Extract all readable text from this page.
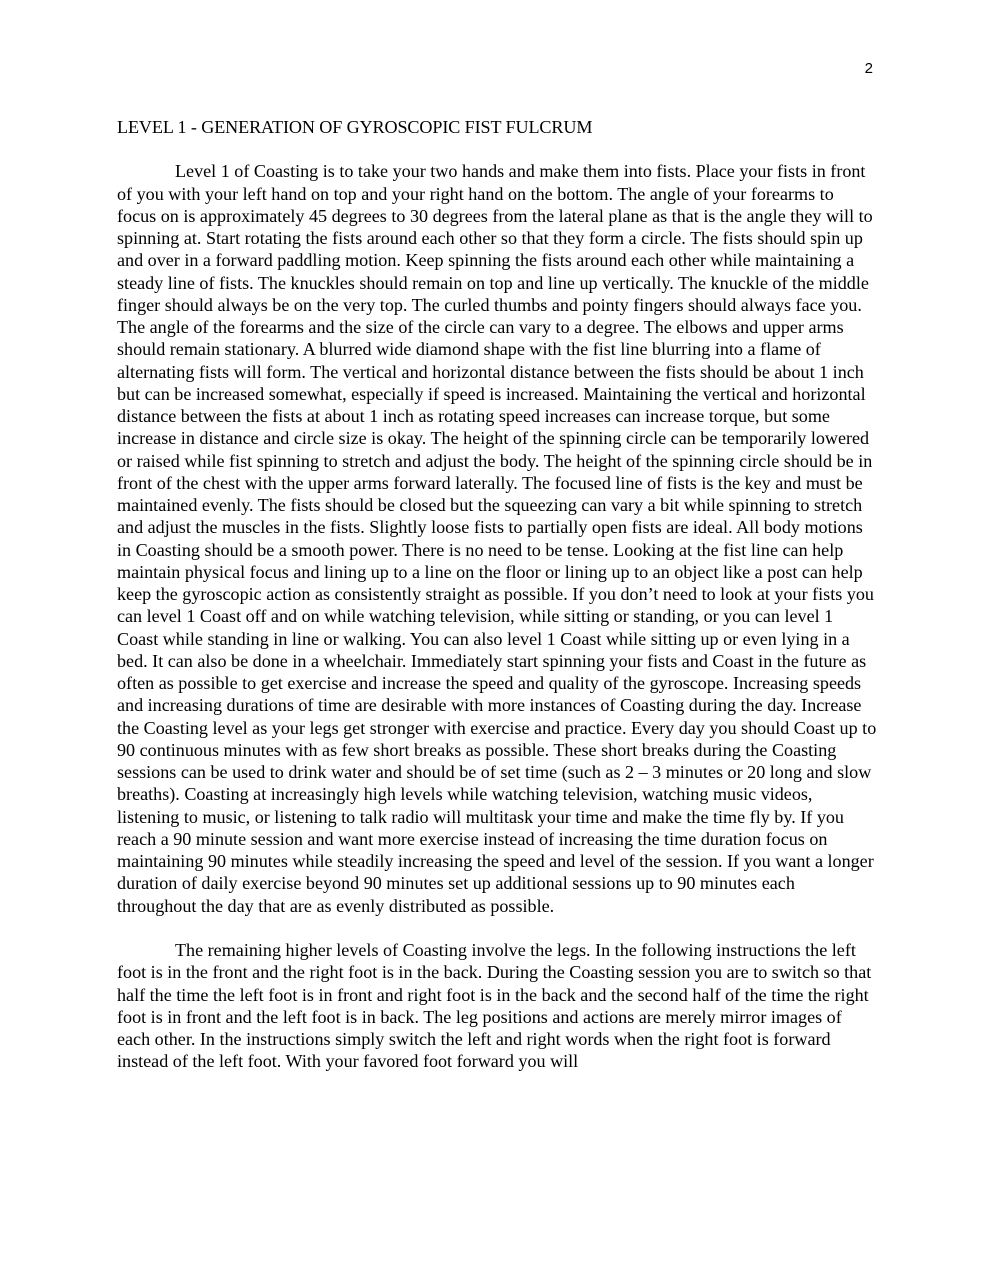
2
LEVEL 1 - GENERATION OF GYROSCOPIC FIST FULCRUM

Level 1 of Coasting is to take your two hands and make them into fists. Place your fists in front of you with your left hand on top and your right hand on the bottom. The angle of your forearms to focus on is approximately 45 degrees to 30 degrees from the lateral plane as that is the angle they will to spinning at. Start rotating the fists around each other so that they form a circle. The fists should spin up and over in a forward paddling motion. Keep spinning the fists around each other while maintaining a steady line of fists. The knuckles should remain on top and line up vertically. The knuckle of the middle finger should always be on the very top. The curled thumbs and pointy fingers should always face you. The angle of the forearms and the size of the circle can vary to a degree. The elbows and upper arms should remain stationary. A blurred wide diamond shape with the fist line blurring into a flame of alternating fists will form. The vertical and horizontal distance between the fists should be about 1 inch but can be increased somewhat, especially if speed is increased. Maintaining the vertical and horizontal distance between the fists at about 1 inch as rotating speed increases can increase torque, but some increase in distance and circle size is okay. The height of the spinning circle can be temporarily lowered or raised while fist spinning to stretch and adjust the body. The height of the spinning circle should be in front of the chest with the upper arms forward laterally. The focused line of fists is the key and must be maintained evenly. The fists should be closed but the squeezing can vary a bit while spinning to stretch and adjust the muscles in the fists. Slightly loose fists to partially open fists are ideal. All body motions in Coasting should be a smooth power. There is no need to be tense. Looking at the fist line can help maintain physical focus and lining up to a line on the floor or lining up to an object like a post can help keep the gyroscopic action as consistently straight as possible. If you don’t need to look at your fists you can level 1 Coast off and on while watching television, while sitting or standing, or you can level 1 Coast while standing in line or walking. You can also level 1 Coast while sitting up or even lying in a bed. It can also be done in a wheelchair. Immediately start spinning your fists and Coast in the future as often as possible to get exercise and increase the speed and quality of the gyroscope. Increasing speeds and increasing durations of time are desirable with more instances of Coasting during the day. Increase the Coasting level as your legs get stronger with exercise and practice. Every day you should Coast up to 90 continuous minutes with as few short breaks as possible. These short breaks during the Coasting sessions can be used to drink water and should be of set time (such as 2 – 3 minutes or 20 long and slow breaths). Coasting at increasingly high levels while watching television, watching music videos, listening to music, or listening to talk radio will multitask your time and make the time fly by. If you reach a 90 minute session and want more exercise instead of increasing the time duration focus on maintaining 90 minutes while steadily increasing the speed and level of the session. If you want a longer duration of daily exercise beyond 90 minutes set up additional sessions up to 90 minutes each throughout the day that are as evenly distributed as possible.

The remaining higher levels of Coasting involve the legs. In the following instructions the left foot is in the front and the right foot is in the back. During the Coasting session you are to switch so that half the time the left foot is in front and right foot is in the back and the second half of the time the right foot is in front and the left foot is in back. The leg positions and actions are merely mirror images of each other. In the instructions simply switch the left and right words when the right foot is forward instead of the left foot. With your favored foot forward you will
